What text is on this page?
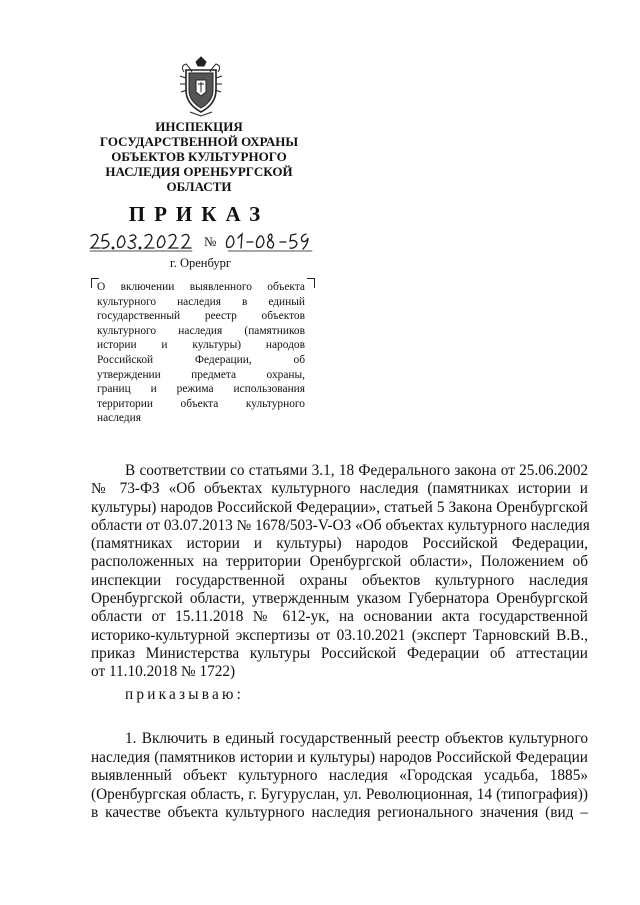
ИНСПЕКЦИЯ
ГОСУДАРСТВЕННОЙ ОХРАНЫ
ОБЪЕКТОВ КУЛЬТУРНОГО
НАСЛЕДИЯ ОРЕНБУРГСКОЙ
ОБЛАСТИ
ПРИКАЗ
№
г. Оренбург
О включении выявленного объекта
культурного наследия в единый
государственный реестр объектов
культурного наследия (памятников
истории и культуры) народов
Российской Федерации, об
утверждении предмета охраны,
границ и режима использования
территории объекта культурного
наследия
В соответствии со статьями 3.1, 18 Федерального закона от 25.06.2002
№ 73-ФЗ «Об объектах культурного наследия (памятниках истории и
культуры) народов Российской Федерации», статьей 5 Закона Оренбургской
области от 03.07.2013 № 1678/503-V-ОЗ «Об объектах культурного наследия
(памятниках истории и культуры) народов Российской Федерации,
расположенных на территории Оренбургской области», Положением об
инспекции государственной охраны объектов культурного наследия
Оренбургской области, утвержденным указом Губернатора Оренбургской
области от 15.11.2018 № 612-ук, на основании акта государственной
историко-культурной экспертизы от 03.10.2021 (эксперт Тарновский В.В.,
приказ Министерства культуры Российской Федерации об аттестации
от 11.10.2018 № 1722)
приказываю:
1. Включить в единый государственный реестр объектов культурного
наследия (памятников истории и культуры) народов Российской Федерации
выявленный объект культурного наследия «Городская усадьба, 1885»
(Оренбургская область, г. Бугуруслан, ул. Революционная, 14 (типография))
в качестве объекта культурного наследия регионального значения (вид –
